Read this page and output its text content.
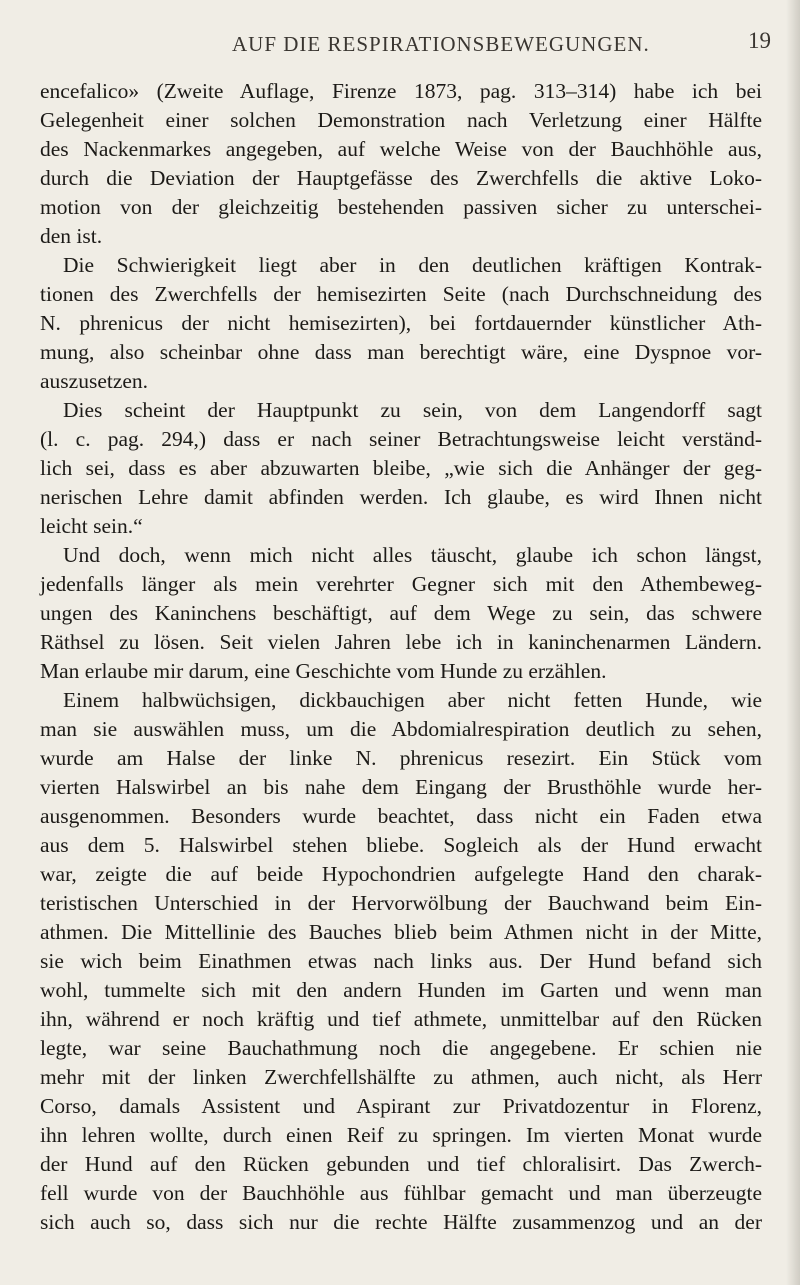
AUF DIE RESPIRATIONSBEWEGUNGEN.	19
encefalico» (Zweite Auflage, Firenze 1873, pag. 313–314) habe ich bei
Gelegenheit einer solchen Demonstration nach Verletzung einer Hälfte
des Nackenmarkes angegeben, auf welche Weise von der Bauchhöhle aus,
durch die Deviation der Hauptgefässe des Zwerchfells die aktive Loko-
motion von der gleichzeitig bestehenden passiven sicher zu unterschei-
den ist.
Die Schwierigkeit liegt aber in den deutlichen kräftigen Kontrak-
tionen des Zwerchfells der hemisezirten Seite (nach Durchschneidung des
N. phrenicus der nicht hemisezirten), bei fortdauernder künstlicher Ath-
mung, also scheinbar ohne dass man berechtigt wäre, eine Dyspnoe vor-
auszusetzen.
Dies scheint der Hauptpunkt zu sein, von dem Langendorff sagt
(l. c. pag. 294,) dass er nach seiner Betrachtungsweise leicht verständ-
lich sei, dass es aber abzuwarten bleibe, „wie sich die Anhänger der geg-
nerischen Lehre damit abfinden werden. Ich glaube, es wird Ihnen nicht
leicht sein.“
Und doch, wenn mich nicht alles täuscht, glaube ich schon längst,
jedenfalls länger als mein verehrter Gegner sich mit den Athembeweg-
ungen des Kaninchens beschäftigt, auf dem Wege zu sein, das schwere
Räthsel zu lösen. Seit vielen Jahren lebe ich in kaninchenarmen Ländern.
Man erlaube mir darum, eine Geschichte vom Hunde zu erzählen.
Einem halbwüchsigen, dickbauchigen aber nicht fetten Hunde, wie
man sie auswählen muss, um die Abdomialrespiration deutlich zu sehen,
wurde am Halse der linke N. phrenicus resezirt. Ein Stück vom
vierten Halswirbel an bis nahe dem Eingang der Brusthöhle wurde her-
ausgenommen. Besonders wurde beachtet, dass nicht ein Faden etwa
aus dem 5. Halswirbel stehen bliebe. Sogleich als der Hund erwacht
war, zeigte die auf beide Hypochondrien aufgelegte Hand den charak-
teristischen Unterschied in der Hervorwölbung der Bauchwand beim Ein-
athmen. Die Mittellinie des Bauches blieb beim Athmen nicht in der Mitte,
sie wich beim Einathmen etwas nach links aus. Der Hund befand sich
wohl, tummelte sich mit den andern Hunden im Garten und wenn man
ihn, während er noch kräftig und tief athmete, unmittelbar auf den Rücken
legte, war seine Bauchathmung noch die angegebene. Er schien nie
mehr mit der linken Zwerchfellshälfte zu athmen, auch nicht, als Herr
Corso, damals Assistent und Aspirant zur Privatdozentur in Florenz,
ihn lehren wollte, durch einen Reif zu springen. Im vierten Monat wurde
der Hund auf den Rücken gebunden und tief chloralisirt. Das Zwerch-
fell wurde von der Bauchhöhle aus fühlbar gemacht und man überzeugte
sich auch so, dass sich nur die rechte Hälfte zusammenzog und an der
